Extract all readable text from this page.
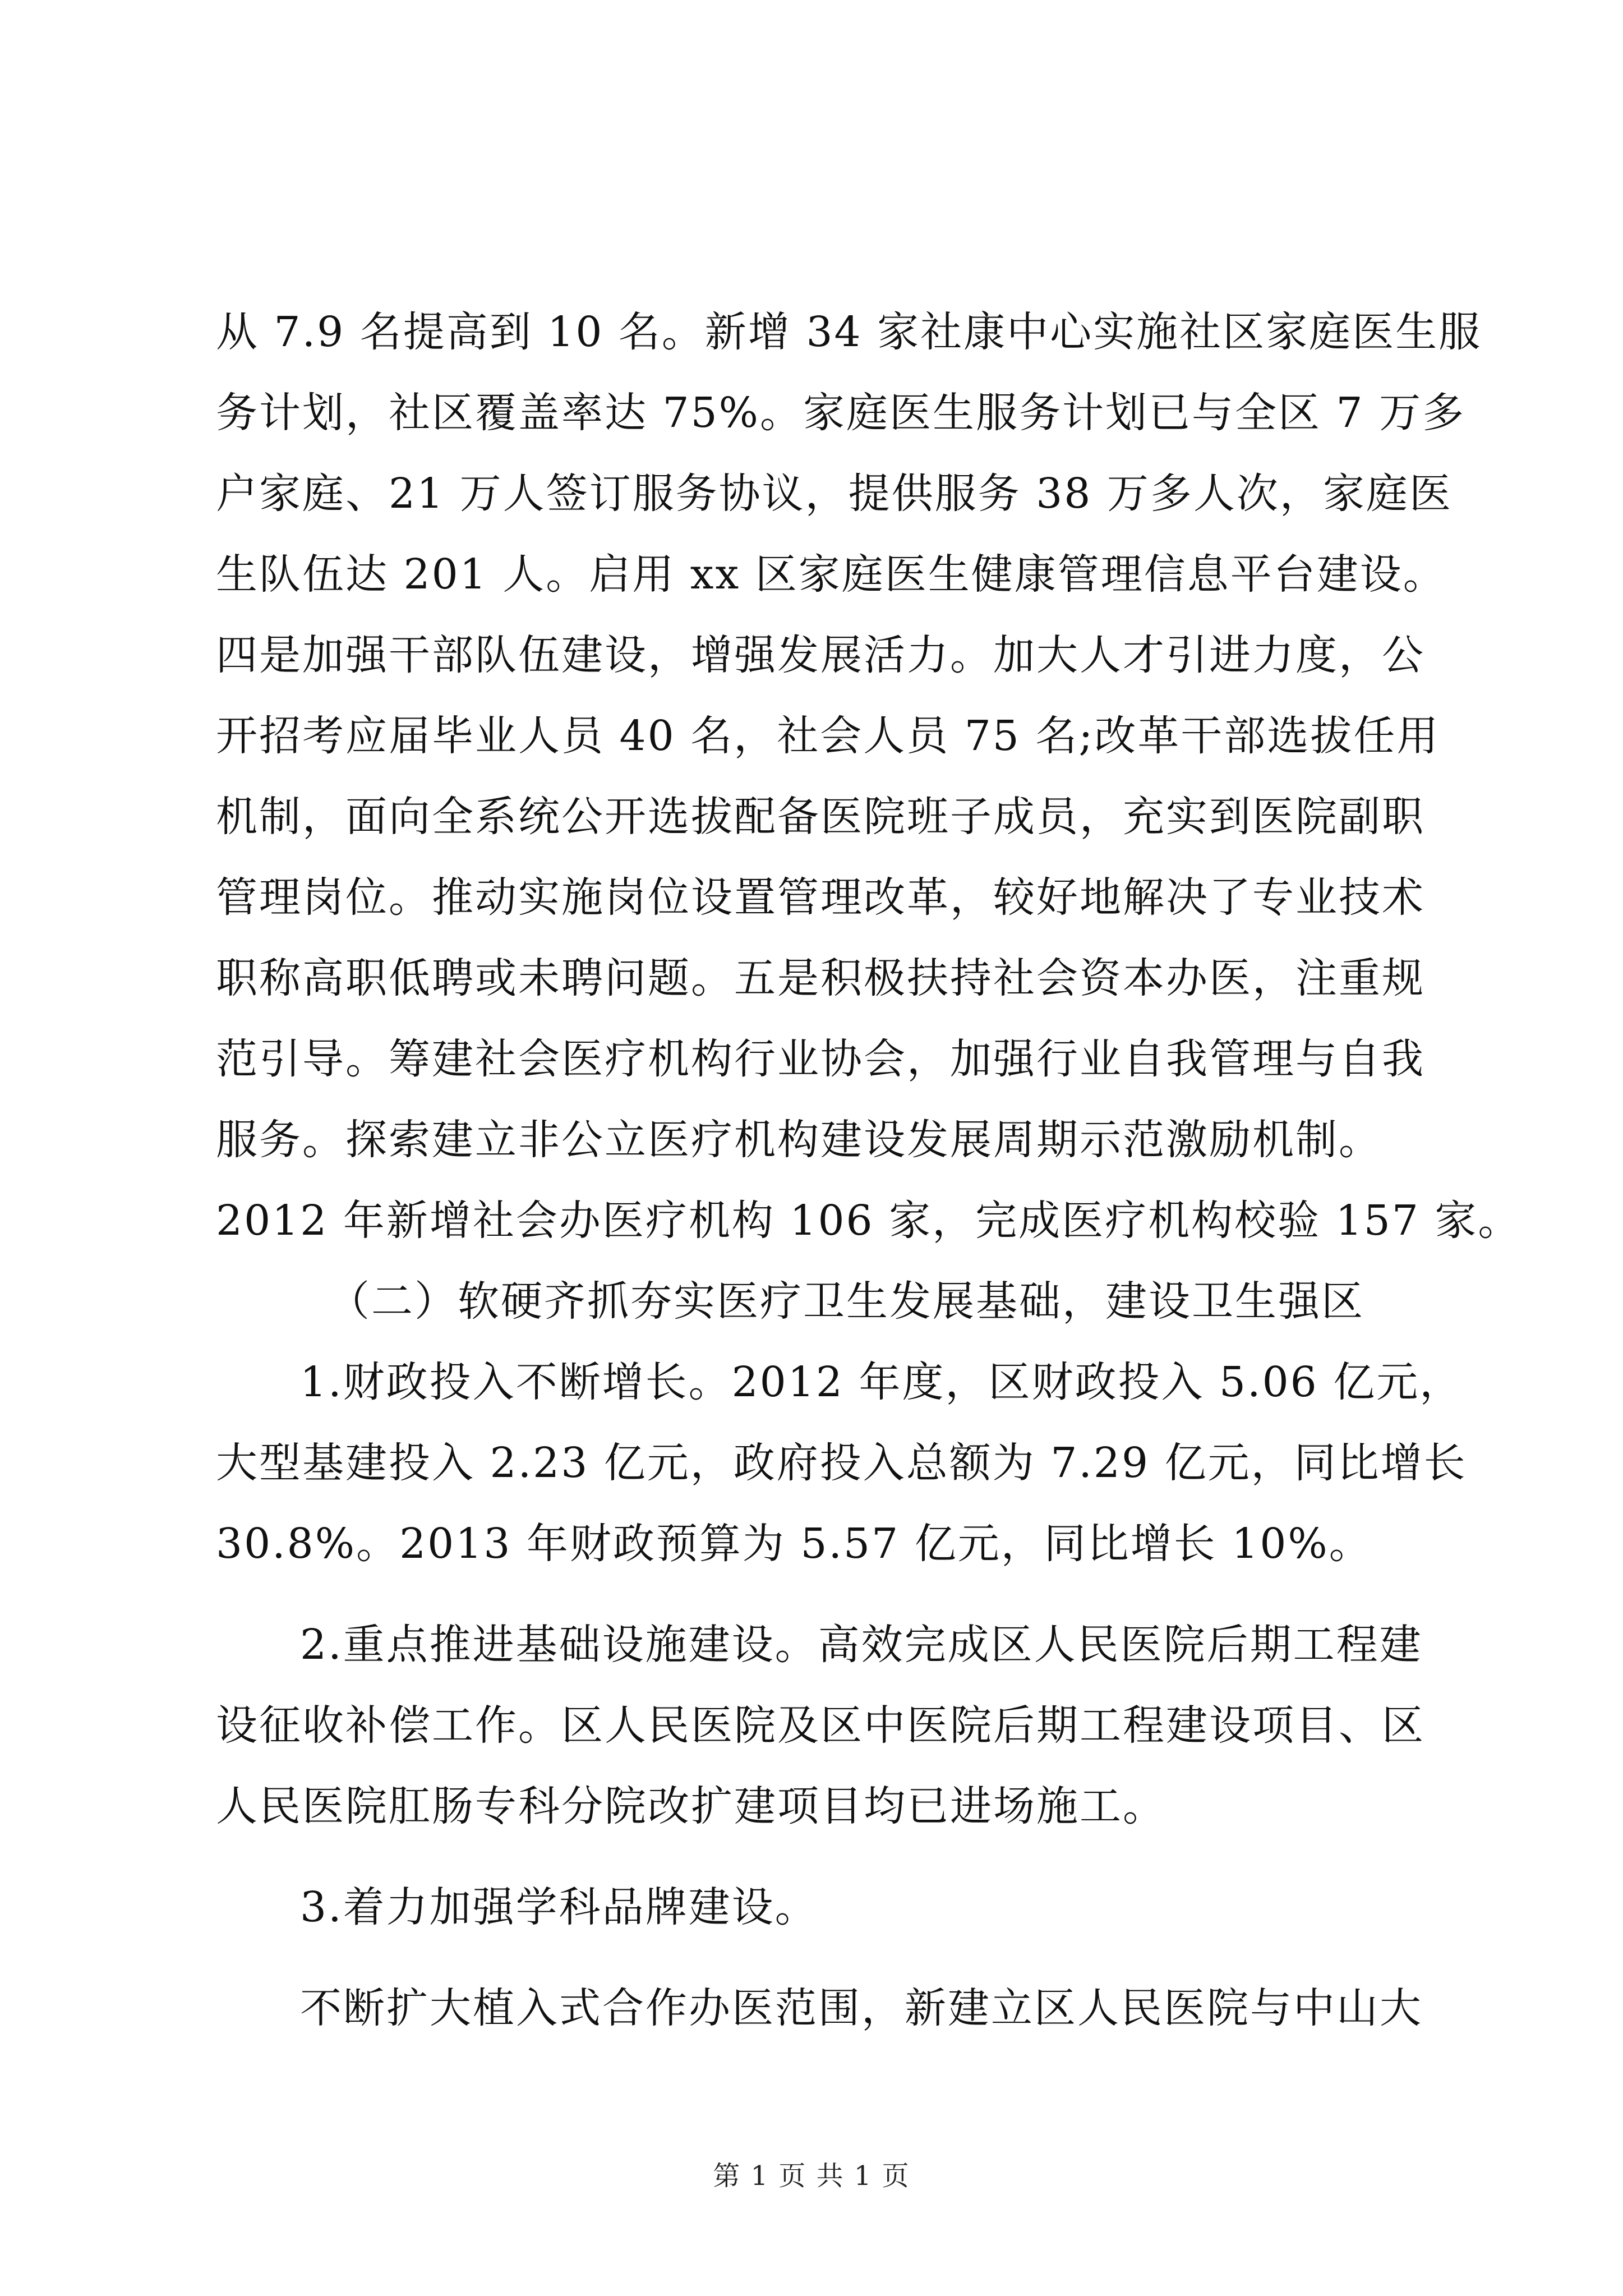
从 7.9 名提高到 10 名。新增 34 家社康中心实施社区家庭医生服
务计划，社区覆盖率达 75%。家庭医生服务计划已与全区 7 万多
户家庭、21 万人签订服务协议，提供服务 38 万多人次，家庭医
生队伍达 201 人。启用 xx 区家庭医生健康管理信息平台建设。
四是加强干部队伍建设，增强发展活力。加大人才引进力度，公
开招考应届毕业人员 40 名，社会人员 75 名;改革干部选拔任用
机制，面向全系统公开选拔配备医院班子成员，充实到医院副职
管理岗位。推动实施岗位设置管理改革，较好地解决了专业技术
职称高职低聘或未聘问题。五是积极扶持社会资本办医，注重规
范引导。筹建社会医疗机构行业协会，加强行业自我管理与自我
服务。探索建立非公立医疗机构建设发展周期示范激励机制。
2012 年新增社会办医疗机构 106 家，完成医疗机构校验 157 家。
（二）软硬齐抓夯实医疗卫生发展基础，建设卫生强区
1.财政投入不断增长。2012 年度，区财政投入 5.06 亿元，
大型基建投入 2.23 亿元，政府投入总额为 7.29 亿元，同比增长
30.8%。2013 年财政预算为 5.57 亿元，同比增长 10%。
2.重点推进基础设施建设。高效完成区人民医院后期工程建
设征收补偿工作。区人民医院及区中医院后期工程建设项目、区
人民医院肛肠专科分院改扩建项目均已进场施工。
3.着力加强学科品牌建设。
不断扩大植入式合作办医范围，新建立区人民医院与中山大
第 1 页 共 1 页
